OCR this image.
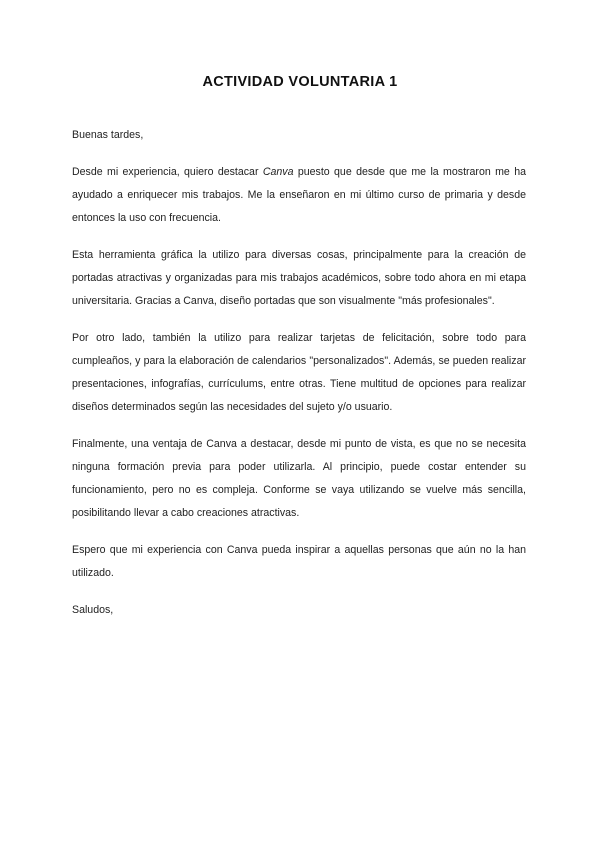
ACTIVIDAD VOLUNTARIA 1

Buenas tardes,

Desde mi experiencia, quiero destacar Canva puesto que desde que me la mostraron me ha ayudado a enriquecer mis trabajos. Me la enseñaron en mi último curso de primaria y desde entonces la uso con frecuencia.

Esta herramienta gráfica la utilizo para diversas cosas, principalmente para la creación de portadas atractivas y organizadas para mis trabajos académicos, sobre todo ahora en mi etapa universitaria. Gracias a Canva, diseño portadas que son visualmente "más profesionales".

Por otro lado, también la utilizo para realizar tarjetas de felicitación, sobre todo para cumpleaños, y para la elaboración de calendarios "personalizados". Además, se pueden realizar presentaciones, infografías, currículums, entre otras. Tiene multitud de opciones para realizar diseños determinados según las necesidades del sujeto y/o usuario.

Finalmente, una ventaja de Canva a destacar, desde mi punto de vista, es que no se necesita ninguna formación previa para poder utilizarla. Al principio, puede costar entender su funcionamiento, pero no es compleja. Conforme se vaya utilizando se vuelve más sencilla, posibilitando llevar a cabo creaciones atractivas.

Espero que mi experiencia con Canva pueda inspirar a aquellas personas que aún no la han utilizado.

Saludos,
